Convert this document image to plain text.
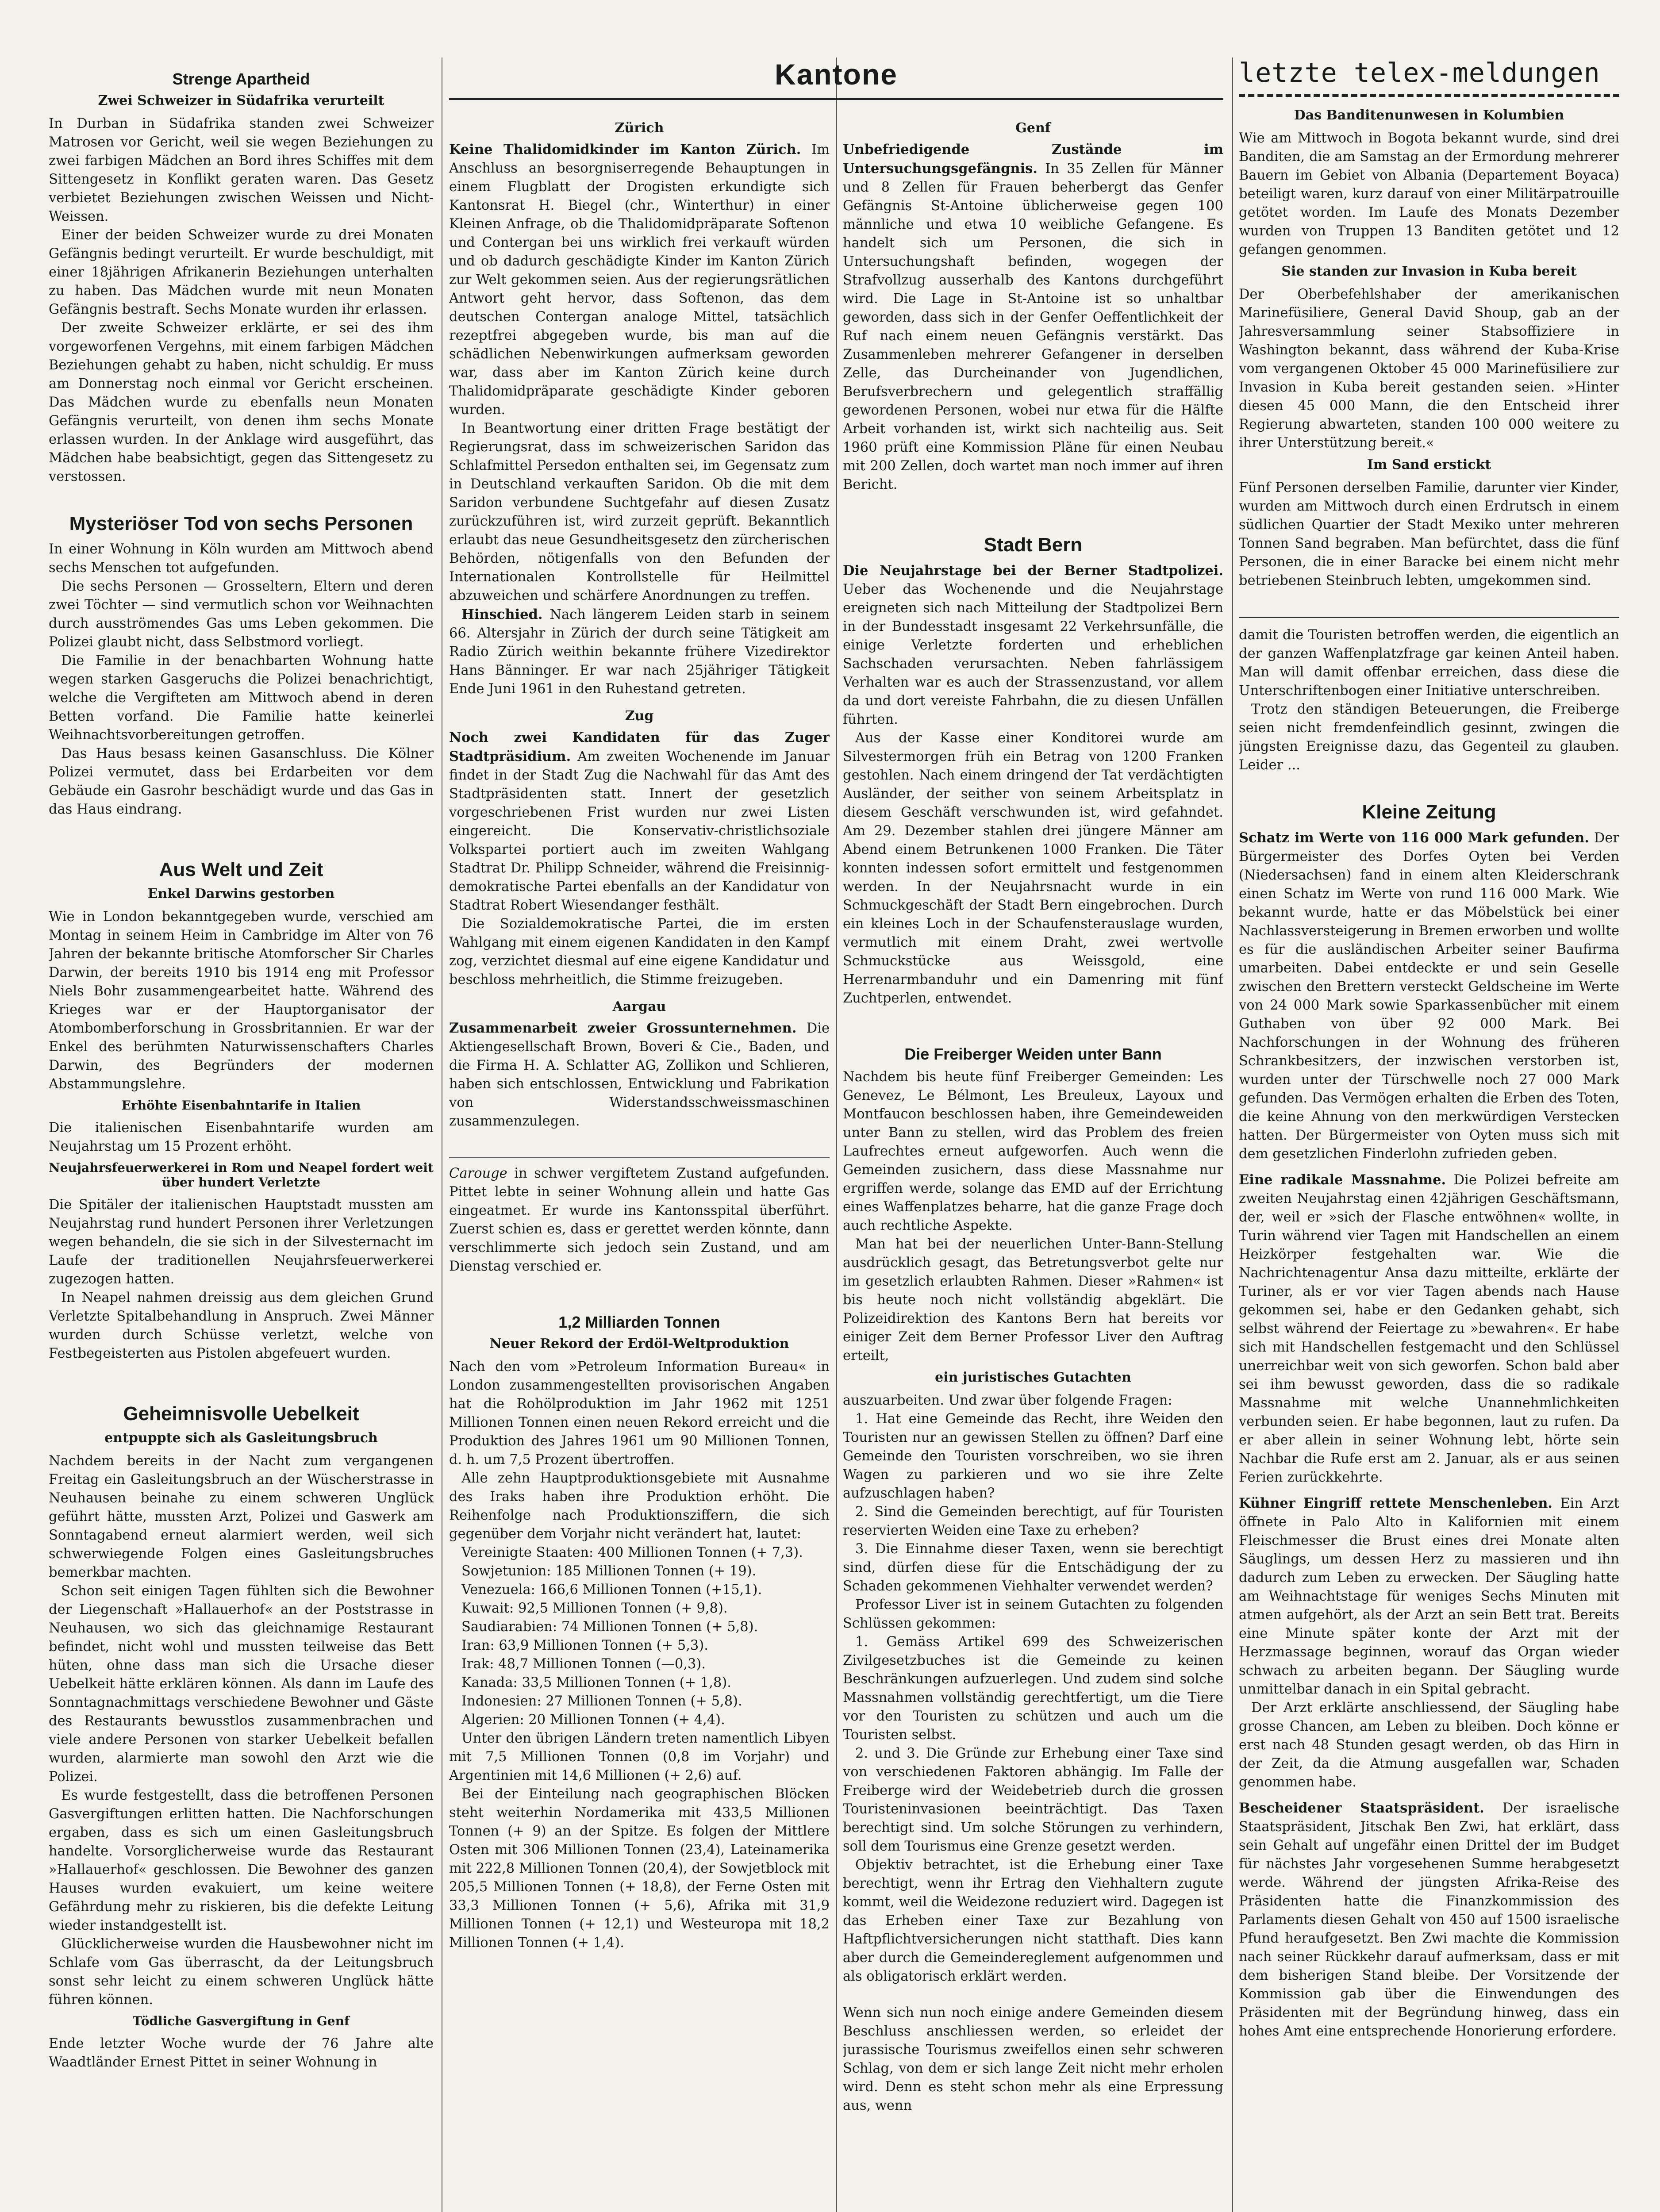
Kantone
Strenge Apartheid
Zwei Schweizer in Südafrika verurteilt

In Durban in Südafrika standen zwei Schweizer Matrosen vor Gericht, weil sie wegen Beziehungen zu zwei farbigen Mädchen an Bord ihres Schiffes mit dem Sittengesetz in Konflikt geraten waren. Das Gesetz verbietet Beziehungen zwischen Weissen und Nicht-Weissen.

Einer der beiden Schweizer wurde zu drei Monaten Gefängnis bedingt verurteilt. Er wurde beschuldigt, mit einer 18jährigen Afrikanerin Beziehungen unterhalten zu haben. Das Mädchen wurde mit neun Monaten Gefängnis bestraft. Sechs Monate wurden ihr erlassen.

Der zweite Schweizer erklärte, er sei des ihm vorgeworfenen Vergehns, mit einem farbigen Mädchen Beziehungen gehabt zu haben, nicht schuldig. Er muss am Donnerstag noch einmal vor Gericht erscheinen. Das Mädchen wurde zu ebenfalls neun Monaten Gefängnis verurteilt, von denen ihm sechs Monate erlassen wurden. In der Anklage wird ausgeführt, das Mädchen habe beabsichtigt, gegen das Sittengesetz zu verstossen.

Mysteriöser Tod von sechs Personen

In einer Wohnung in Köln wurden am Mittwoch abend sechs Menschen tot aufgefunden.

Die sechs Personen — Grosseltern, Eltern und deren zwei Töchter — sind vermutlich schon vor Weihnachten durch ausströmendes Gas ums Leben gekommen. Die Polizei glaubt nicht, dass Selbstmord vorliegt.

Die Familie in der benachbarten Wohnung hatte wegen starken Gasgeruchs die Polizei benachrichtigt, welche die Vergifteten am Mittwoch abend in deren Betten vorfand. Die Familie hatte keinerlei Weihnachtsvorbereitungen getroffen.

Das Haus besass keinen Gasanschluss. Die Kölner Polizei vermutet, dass bei Erdarbeiten vor dem Gebäude ein Gasrohr beschädigt wurde und das Gas in das Haus eindrang.

Aus Welt und Zeit
Enkel Darwins gestorben

Wie in London bekanntgegeben wurde, verschied am Montag in seinem Heim in Cambridge im Alter von 76 Jahren der bekannte britische Atomforscher Sir Charles Darwin, der bereits 1910 bis 1914 eng mit Professor Niels Bohr zusammengearbeitet hatte. Während des Krieges war er der Hauptorganisator der Atombomberforschung in Grossbritannien. Er war der Enkel des berühmten Naturwissenschafters Charles Darwin, des Begründers der modernen Abstammungslehre.

Erhöhte Eisenbahntarife in Italien

Die italienischen Eisenbahntarife wurden am Neujahrstag um 15 Prozent erhöht.

Neujahrsfeuerwerkerei in Rom und Neapel fordert weit über hundert Verletzte

Die Spitäler der italienischen Hauptstadt mussten am Neujahrstag rund hundert Personen ihrer Verletzungen wegen behandeln, die sie sich in der Silvesternacht im Laufe der traditionellen Neujahrsfeuerwerkerei zugezogen hatten.

In Neapel nahmen dreissig aus dem gleichen Grund Verletzte Spitalbehandlung in Anspruch. Zwei Männer wurden durch Schüsse verletzt, welche von Festbegeisterten aus Pistolen abgefeuert wurden.

Geheimnisvolle Uebelkeit
entpuppte sich als Gasleitungsbruch

Nachdem bereits in der Nacht zum vergangenen Freitag ein Gasleitungsbruch an der Wüscherstrasse in Neuhausen beinahe zu einem schweren Unglück geführt hätte, mussten Arzt, Polizei und Gaswerk am Sonntagabend erneut alarmiert werden, weil sich schwerwiegende Folgen eines Gasleitungsbruches bemerkbar machten.

Schon seit einigen Tagen fühlten sich die Bewohner der Liegenschaft »Hallauerhof« an der Poststrasse in Neuhausen, wo sich das gleichnamige Restaurant befindet, nicht wohl und mussten teilweise das Bett hüten, ohne dass man sich die Ursache dieser Uebelkeit hätte erklären können. Als dann im Laufe des Sonntagnachmittags verschiedene Bewohner und Gäste des Restaurants bewusstlos zusammenbrachen und viele andere Personen von starker Uebelkeit befallen wurden, alarmierte man sowohl den Arzt wie die Polizei.

Es wurde festgestellt, dass die betroffenen Personen Gasvergiftungen erlitten hatten. Die Nachforschungen ergaben, dass es sich um einen Gasleitungsbruch handelte. Vorsorglicherweise wurde das Restaurant »Hallauerhof« geschlossen. Die Bewohner des ganzen Hauses wurden evakuiert, um keine weitere Gefährdung mehr zu riskieren, bis die defekte Leitung wieder instandgestellt ist.

Glücklicherweise wurden die Hausbewohner nicht im Schlafe vom Gas überrascht, da der Leitungsbruch sonst sehr leicht zu einem schweren Unglück hätte führen können.

Tödliche Gasvergiftung in Genf

Ende letzter Woche wurde der 76 Jahre alte Waadtländer Ernest Pittet in seiner Wohnung in

Zürich

Keine Thalidomidkinder im Kanton Zürich. Im Anschluss an besorgniserregende Behauptungen in einem Flugblatt der Drogisten erkundigte sich Kantonsrat H. Biegel (chr., Winterthur) in einer Kleinen Anfrage, ob die Thalidomidpräparate Softenon und Contergan bei uns wirklich frei verkauft würden und ob dadurch geschädigte Kinder im Kanton Zürich zur Welt gekommen seien. Aus der regierungsrätlichen Antwort geht hervor, dass Softenon, das dem deutschen Contergan analoge Mittel, tatsächlich rezeptfrei abgegeben wurde, bis man auf die schädlichen Nebenwirkungen aufmerksam geworden war, dass aber im Kanton Zürich keine durch Thalidomidpräparate geschädigte Kinder geboren wurden.

In Beantwortung einer dritten Frage bestätigt der Regierungsrat, dass im schweizerischen Saridon das Schlafmittel Persedon enthalten sei, im Gegensatz zum in Deutschland verkauften Saridon. Ob die mit dem Saridon verbundene Suchtgefahr auf diesen Zusatz zurückzuführen ist, wird zurzeit geprüft. Bekanntlich erlaubt das neue Gesundheitsgesetz den zürcherischen Behörden, nötigenfalls von den Befunden der Internationalen Kontrollstelle für Heilmittel abzuweichen und schärfere Anordnungen zu treffen.

Hinschied. Nach längerem Leiden starb in seinem 66. Altersjahr in Zürich der durch seine Tätigkeit am Radio Zürich weithin bekannte frühere Vizedirektor Hans Bänninger. Er war nach 25jähriger Tätigkeit Ende Juni 1961 in den Ruhestand getreten.

Zug

Noch zwei Kandidaten für das Zuger Stadtpräsidium. Am zweiten Wochenende im Januar findet in der Stadt Zug die Nachwahl für das Amt des Stadtpräsidenten statt. Innert der gesetzlich vorgeschriebenen Frist wurden nur zwei Listen eingereicht. Die Konservativ-christlichsoziale Volkspartei portiert auch im zweiten Wahlgang Stadtrat Dr. Philipp Schneider, während die Freisinnig-demokratische Partei ebenfalls an der Kandidatur von Stadtrat Robert Wiesendanger festhält.

Die Sozialdemokratische Partei, die im ersten Wahlgang mit einem eigenen Kandidaten in den Kampf zog, verzichtet diesmal auf eine eigene Kandidatur und beschloss mehrheitlich, die Stimme freizugeben.

Aargau

Zusammenarbeit zweier Grossunternehmen. Die Aktiengesellschaft Brown, Boveri & Cie., Baden, und die Firma H. A. Schlatter AG, Zollikon und Schlieren, haben sich entschlossen, Entwicklung und Fabrikation von Widerstandsschweissmaschinen zusammenzulegen.

Carouge in schwer vergiftetem Zustand aufgefunden. Pittet lebte in seiner Wohnung allein und hatte Gas eingeatmet. Er wurde ins Kantonsspital überführt. Zuerst schien es, dass er gerettet werden könnte, dann verschlimmerte sich jedoch sein Zustand, und am Dienstag verschied er.

1,2 Milliarden Tonnen
Neuer Rekord der Erdöl-Weltproduktion

Nach den vom »Petroleum Information Bureau« in London zusammengestellten provisorischen Angaben hat die Rohölproduktion im Jahr 1962 mit 1251 Millionen Tonnen einen neuen Rekord erreicht und die Produktion des Jahres 1961 um 90 Millionen Tonnen, d. h. um 7,5 Prozent übertroffen.

Alle zehn Hauptproduktionsgebiete mit Ausnahme des Iraks haben ihre Produktion erhöht. Die Reihenfolge nach Produktionsziffern, die sich gegenüber dem Vorjahr nicht verändert hat, lautet:

Vereinigte Staaten: 400 Millionen Tonnen (+ 7,3).

Sowjetunion: 185 Millionen Tonnen (+ 19).

Venezuela: 166,6 Millionen Tonnen (+15,1).

Kuwait: 92,5 Millionen Tonnen (+ 9,8).

Saudiarabien: 74 Millionen Tonnen (+ 5,8).

Iran: 63,9 Millionen Tonnen (+ 5,3).

Irak: 48,7 Millionen Tonnen (—0,3).

Kanada: 33,5 Millionen Tonnen (+ 1,8).

Indonesien: 27 Millionen Tonnen (+ 5,8).

Algerien: 20 Millionen Tonnen (+ 4,4).

Unter den übrigen Ländern treten namentlich Libyen mit 7,5 Millionen Tonnen (0,8 im Vorjahr) und Argentinien mit 14,6 Millionen (+ 2,6) auf.

Bei der Einteilung nach geographischen Blöcken steht weiterhin Nordamerika mit 433,5 Millionen Tonnen (+ 9) an der Spitze. Es folgen der Mittlere Osten mit 306 Millionen Tonnen (23,4), Lateinamerika mit 222,8 Millionen Tonnen (20,4), der Sowjetblock mit 205,5 Millionen Tonnen (+ 18,8), der Ferne Osten mit 33,3 Millionen Tonnen (+ 5,6), Afrika mit 31,9 Millionen Tonnen (+ 12,1) und Westeuropa mit 18,2 Millionen Tonnen (+ 1,4).

Genf

Unbefriedigende Zustände im Untersuchungsgefängnis. In 35 Zellen für Männer und 8 Zellen für Frauen beherbergt das Genfer Gefängnis St-Antoine üblicherweise gegen 100 männliche und etwa 10 weibliche Gefangene. Es handelt sich um Personen, die sich in Untersuchungshaft befinden, wogegen der Strafvollzug ausserhalb des Kantons durchgeführt wird. Die Lage in St-Antoine ist so unhaltbar geworden, dass sich in der Genfer Oeffentlichkeit der Ruf nach einem neuen Gefängnis verstärkt. Das Zusammenleben mehrerer Gefangener in derselben Zelle, das Durcheinander von Jugendlichen, Berufsverbrechern und gelegentlich straffällig gewordenen Personen, wobei nur etwa für die Hälfte Arbeit vorhanden ist, wirkt sich nachteilig aus. Seit 1960 prüft eine Kommission Pläne für einen Neubau mit 200 Zellen, doch wartet man noch immer auf ihren Bericht.

Stadt Bern

Die Neujahrstage bei der Berner Stadtpolizei. Ueber das Wochenende und die Neujahrstage ereigneten sich nach Mitteilung der Stadtpolizei Bern in der Bundesstadt insgesamt 22 Verkehrsunfälle, die einige Verletzte forderten und erheblichen Sachschaden verursachten. Neben fahrlässigem Verhalten war es auch der Strassenzustand, vor allem da und dort vereiste Fahrbahn, die zu diesen Unfällen führten.

Aus der Kasse einer Konditorei wurde am Silvestermorgen früh ein Betrag von 1200 Franken gestohlen. Nach einem dringend der Tat verdächtigten Ausländer, der seither von seinem Arbeitsplatz in diesem Geschäft verschwunden ist, wird gefahndet. Am 29. Dezember stahlen drei jüngere Männer am Abend einem Betrunkenen 1000 Franken. Die Täter konnten indessen sofort ermittelt und festgenommen werden. In der Neujahrsnacht wurde in ein Schmuckgeschäft der Stadt Bern eingebrochen. Durch ein kleines Loch in der Schaufensterauslage wurden, vermutlich mit einem Draht, zwei wertvolle Schmuckstücke aus Weissgold, eine Herrenarmbanduhr und ein Damenring mit fünf Zuchtperlen, entwendet.

Die Freiberger Weiden unter Bann

Nachdem bis heute fünf Freiberger Gemeinden: Les Genevez, Le Bélmont, Les Breuleux, Layoux und Montfaucon beschlossen haben, ihre Gemeindeweiden unter Bann zu stellen, wird das Problem des freien Laufrechtes erneut aufgeworfen. Auch wenn die Gemeinden zusichern, dass diese Massnahme nur ergriffen werde, solange das EMD auf der Errichtung eines Waffenplatzes beharre, hat die ganze Frage doch auch rechtliche Aspekte.

Man hat bei der neuerlichen Unter-Bann-Stellung ausdrücklich gesagt, das Betretungsverbot gelte nur im gesetzlich erlaubten Rahmen. Dieser »Rahmen« ist bis heute noch nicht vollständig abgeklärt. Die Polizeidirektion des Kantons Bern hat bereits vor einiger Zeit dem Berner Professor Liver den Auftrag erteilt,

ein juristisches Gutachten

auszuarbeiten. Und zwar über folgende Fragen:

1. Hat eine Gemeinde das Recht, ihre Weiden den Touristen nur an gewissen Stellen zu öffnen? Darf eine Gemeinde den Touristen vorschreiben, wo sie ihren Wagen zu parkieren und wo sie ihre Zelte aufzuschlagen haben?

2. Sind die Gemeinden berechtigt, auf für Touristen reservierten Weiden eine Taxe zu erheben?

3. Die Einnahme dieser Taxen, wenn sie berechtigt sind, dürfen diese für die Entschädigung der zu Schaden gekommenen Viehhalter verwendet werden?

Professor Liver ist in seinem Gutachten zu folgenden Schlüssen gekommen:

1. Gemäss Artikel 699 des Schweizerischen Zivilgesetzbuches ist die Gemeinde zu keinen Beschränkungen aufzuerlegen. Und zudem sind solche Massnahmen vollständig gerechtfertigt, um die Tiere vor den Touristen zu schützen und auch um die Touristen selbst.

2. und 3. Die Gründe zur Erhebung einer Taxe sind von verschiedenen Faktoren abhängig. Im Falle der Freiberge wird der Weidebetrieb durch die grossen Touristeninvasionen beeinträchtigt. Das Taxen berechtigt sind. Um solche Störungen zu verhindern, soll dem Tourismus eine Grenze gesetzt werden.

Objektiv betrachtet, ist die Erhebung einer Taxe berechtigt, wenn ihr Ertrag den Viehhaltern zugute kommt, weil die Weidezone reduziert wird. Dagegen ist das Erheben einer Taxe zur Bezahlung von Haftpflichtversicherungen nicht statthaft. Dies kann aber durch die Gemeindereglement aufgenommen und als obligatorisch erklärt werden.

Wenn sich nun noch einige andere Gemeinden diesem Beschluss anschliessen werden, so erleidet der jurassische Tourismus zweifellos einen sehr schweren Schlag, von dem er sich lange Zeit nicht mehr erholen wird. Denn es steht schon mehr als eine Erpressung aus, wenn

letzte telex-meldungen
Das Banditenunwesen in Kolumbien

Wie am Mittwoch in Bogota bekannt wurde, sind drei Banditen, die am Samstag an der Ermordung mehrerer Bauern im Gebiet von Albania (Departement Boyaca) beteiligt waren, kurz darauf von einer Militärpatrouille getötet worden. Im Laufe des Monats Dezember wurden von Truppen 13 Banditen getötet und 12 gefangen genommen.

Sie standen zur Invasion in Kuba bereit

Der Oberbefehlshaber der amerikanischen Marinefüsiliere, General David Shoup, gab an der Jahresversammlung seiner Stabsoffiziere in Washington bekannt, dass während der Kuba-Krise vom vergangenen Oktober 45 000 Marinefüsiliere zur Invasion in Kuba bereit gestanden seien. »Hinter diesen 45 000 Mann, die den Entscheid ihrer Regierung abwarteten, standen 100 000 weitere zu ihrer Unterstützung bereit.«

Im Sand erstickt

Fünf Personen derselben Familie, darunter vier Kinder, wurden am Mittwoch durch einen Erdrutsch in einem südlichen Quartier der Stadt Mexiko unter mehreren Tonnen Sand begraben. Man befürchtet, dass die fünf Personen, die in einer Baracke bei einem nicht mehr betriebenen Steinbruch lebten, umgekommen sind.

damit die Touristen betroffen werden, die eigentlich an der ganzen Waffenplatzfrage gar keinen Anteil haben. Man will damit offenbar erreichen, dass diese die Unterschriftenbogen einer Initiative unterschreiben.

Trotz den ständigen Beteuerungen, die Freiberge seien nicht fremdenfeindlich gesinnt, zwingen die jüngsten Ereignisse dazu, das Gegenteil zu glauben. Leider ...

Kleine Zeitung

Schatz im Werte von 116 000 Mark gefunden. Der Bürgermeister des Dorfes Oyten bei Verden (Niedersachsen) fand in einem alten Kleiderschrank einen Schatz im Werte von rund 116 000 Mark. Wie bekannt wurde, hatte er das Möbelstück bei einer Nachlassversteigerung in Bremen erworben und wollte es für die ausländischen Arbeiter seiner Baufirma umarbeiten. Dabei entdeckte er und sein Geselle zwischen den Brettern versteckt Geldscheine im Werte von 24 000 Mark sowie Sparkassenbücher mit einem Guthaben von über 92 000 Mark. Bei Nachforschungen in der Wohnung des früheren Schrankbesitzers, der inzwischen verstorben ist, wurden unter der Türschwelle noch 27 000 Mark gefunden. Das Vermögen erhalten die Erben des Toten, die keine Ahnung von den merkwürdigen Verstecken hatten. Der Bürgermeister von Oyten muss sich mit dem gesetzlichen Finderlohn zufrieden geben.

Eine radikale Massnahme. Die Polizei befreite am zweiten Neujahrstag einen 42jährigen Geschäftsmann, der, weil er »sich der Flasche entwöhnen« wollte, in Turin während vier Tagen mit Handschellen an einem Heizkörper festgehalten war. Wie die Nachrichtenagentur Ansa dazu mitteilte, erklärte der Turiner, als er vor vier Tagen abends nach Hause gekommen sei, habe er den Gedanken gehabt, sich selbst während der Feiertage zu »bewahren«. Er habe sich mit Handschellen festgemacht und den Schlüssel unerreichbar weit von sich geworfen. Schon bald aber sei ihm bewusst geworden, dass die so radikale Massnahme mit welche Unannehmlichkeiten verbunden seien. Er habe begonnen, laut zu rufen. Da er aber allein in seiner Wohnung lebt, hörte sein Nachbar die Rufe erst am 2. Januar, als er aus seinen Ferien zurückkehrte.

Kühner Eingriff rettete Menschenleben. Ein Arzt öffnete in Palo Alto in Kalifornien mit einem Fleischmesser die Brust eines drei Monate alten Säuglings, um dessen Herz zu massieren und ihn dadurch zum Leben zu erwecken. Der Säugling hatte am Weihnachtstage für weniges Sechs Minuten mit atmen aufgehört, als der Arzt an sein Bett trat. Bereits eine Minute später konte der Arzt mit der Herzmassage beginnen, worauf das Organ wieder schwach zu arbeiten begann. Der Säugling wurde unmittelbar danach in ein Spital gebracht.

Der Arzt erklärte anschliessend, der Säugling habe grosse Chancen, am Leben zu bleiben. Doch könne er erst nach 48 Stunden gesagt werden, ob das Hirn in der Zeit, da die Atmung ausgefallen war, Schaden genommen habe.

Bescheidener Staatspräsident. Der israelische Staatspräsident, Jitschak Ben Zwi, hat erklärt, dass sein Gehalt auf ungefähr einen Drittel der im Budget für nächstes Jahr vorgesehenen Summe herabgesetzt werde. Während der jüngsten Afrika-Reise des Präsidenten hatte die Finanzkommission des Parlaments diesen Gehalt von 450 auf 1500 israelische Pfund heraufgesetzt. Ben Zwi machte die Kommission nach seiner Rückkehr darauf aufmerksam, dass er mit dem bisherigen Stand bleibe. Der Vorsitzende der Kommission gab über die Einwendungen des Präsidenten mit der Begründung hinweg, dass ein hohes Amt eine entsprechende Honorierung erfordere.
